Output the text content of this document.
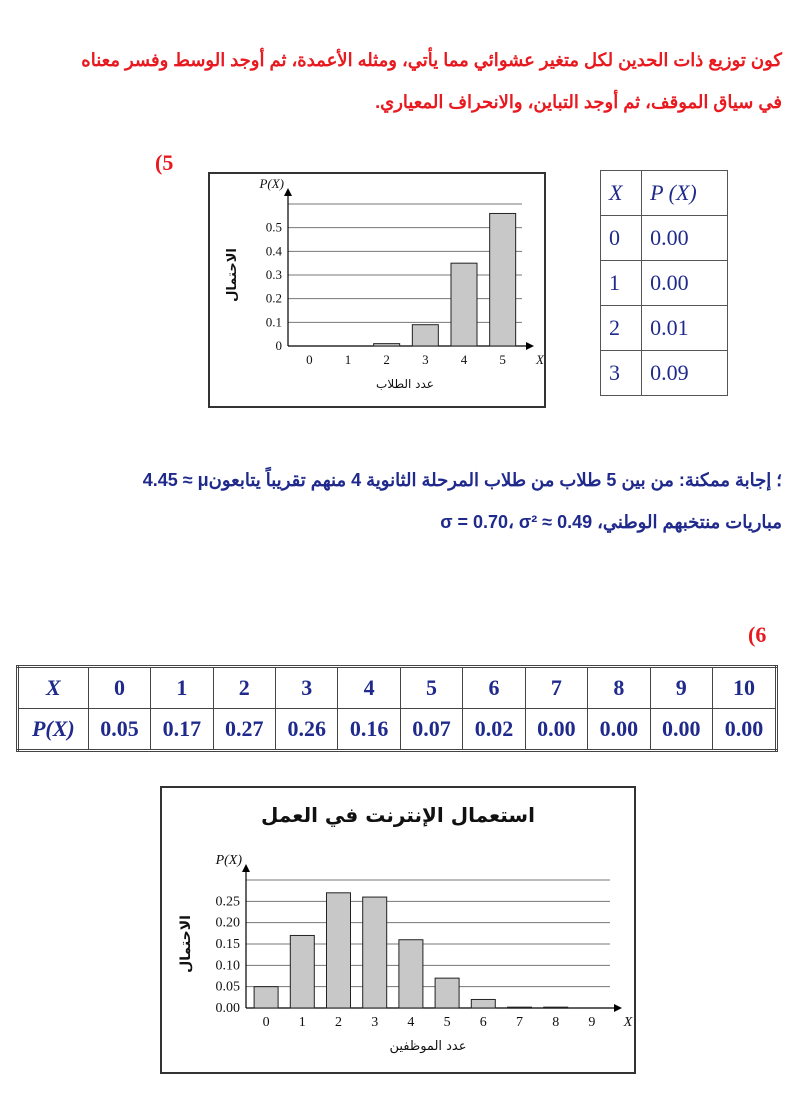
كون توزيع ذات الحدين لكل متغير عشوائي مما يأتي، ومثله الأعمدة، ثم أوجد الوسط وفسر معناه
في سياق الموقف، ثم أوجد التباين، والانحراف المعياري.
(5
0
0.1
0.2
0.3
0.4
0.5
0 1 2 3 4 5 X
P(X)
عدد الطلاب
الاحتمال
X	P (X)
0	0.00
1	0.00
2	0.01
3	0.09
4.45 ≈ μ؛ إجابة ممكنة: من بين 5 طلاب من طلاب المرحلة الثانوية 4 منهم تقريباً يتابعون
مباريات منتخبهم الوطني، σ = 0.70، σ² ≈ 0.49
(6
X	0	1	2	3	4	5	6	7	8	9	10
P(X)	0.05	0.17	0.27	0.26	0.16	0.07	0.02	0.00	0.00	0.00	0.00
0.00
0.05
0.10
0.15
0.20
0.25
0 1 2 3 4 5 6 7 8 9 X
P(X)
عدد الموظفين
الاحتمال
استعمال الإنترنت في العمل
